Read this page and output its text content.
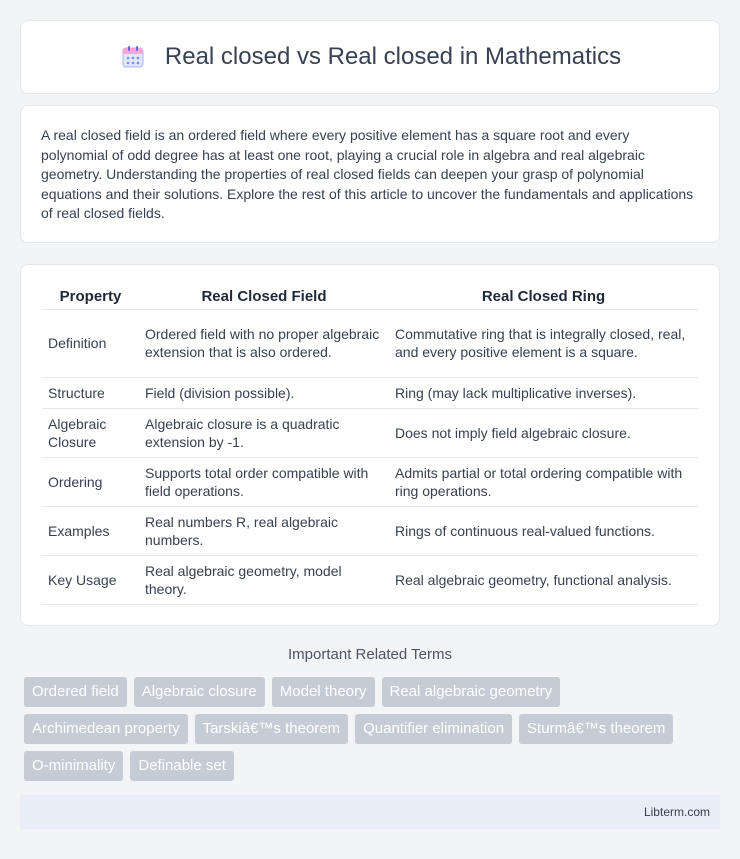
Real closed vs Real closed in Mathematics

A real closed field is an ordered field where every positive element has a square root and every polynomial of odd degree has at least one root, playing a crucial role in algebra and real algebraic geometry. Understanding the properties of real closed fields can deepen your grasp of polynomial equations and their solutions. Explore the rest of this article to uncover the fundamentals and applications of real closed fields.

Property	Real Closed Field	Real Closed Ring
Definition	Ordered field with no proper algebraic extension that is also ordered.	Commutative ring that is integrally closed, real, and every positive element is a square.
Structure	Field (division possible).	Ring (may lack multiplicative inverses).
Algebraic Closure	Algebraic closure is a quadratic extension by -1.	Does not imply field algebraic closure.
Ordering	Supports total order compatible with field operations.	Admits partial or total ordering compatible with ring operations.
Examples	Real numbers R, real algebraic numbers.	Rings of continuous real-valued functions.
Key Usage	Real algebraic geometry, model theory.	Real algebraic geometry, functional analysis.
Important Related Terms
Ordered field	Algebraic closure	Model theory	Real algebraic geometry
Archimedean property	Tarskiâ€™s theorem	Quantifier elimination	Sturmâ€™s theorem
O-minimality	Definable set
Libterm.com
